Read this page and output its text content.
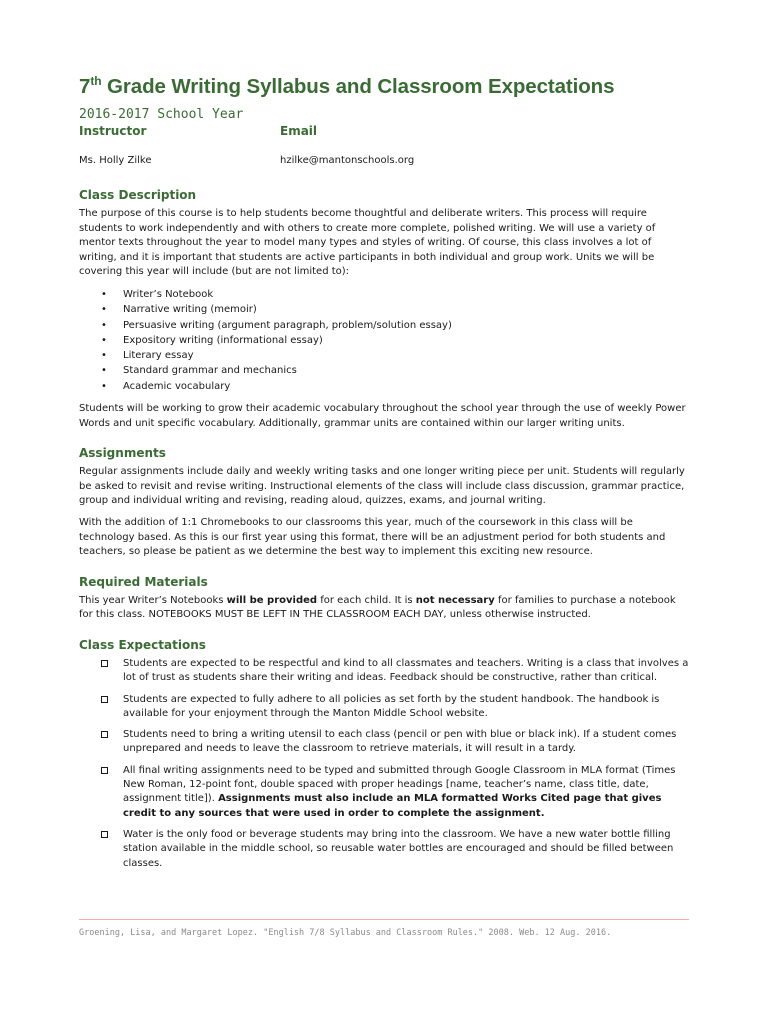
7th Grade Writing Syllabus and Classroom Expectations
2016-2017 School Year
Instructor	Email
Ms. Holly Zilke	hzilke@mantonschools.org
Class Description

The purpose of this course is to help students become thoughtful and deliberate writers. This process will require students to work independently and with others to create more complete, polished writing. We will use a variety of mentor texts throughout the year to model many types and styles of writing. Of course, this class involves a lot of writing, and it is important that students are active participants in both individual and group work. Units we will be covering this year will include (but are not limited to):

• Writer’s Notebook
• Narrative writing (memoir)
• Persuasive writing (argument paragraph, problem/solution essay)
• Expository writing (informational essay)
• Literary essay
• Standard grammar and mechanics
• Academic vocabulary

Students will be working to grow their academic vocabulary throughout the school year through the use of weekly Power Words and unit specific vocabulary. Additionally, grammar units are contained within our larger writing units.

Assignments

Regular assignments include daily and weekly writing tasks and one longer writing piece per unit. Students will regularly be asked to revisit and revise writing. Instructional elements of the class will include class discussion, grammar practice, group and individual writing and revising, reading aloud, quizzes, exams, and journal writing.

With the addition of 1:1 Chromebooks to our classrooms this year, much of the coursework in this class will be technology based. As this is our first year using this format, there will be an adjustment period for both students and teachers, so please be patient as we determine the best way to implement this exciting new resource.

Required Materials

This year Writer’s Notebooks will be provided for each child. It is not necessary for families to purchase a notebook for this class. NOTEBOOKS MUST BE LEFT IN THE CLASSROOM EACH DAY, unless otherwise instructed.

Class Expectations
Students are expected to be respectful and kind to all classmates and teachers. Writing is a class that involves a lot of trust as students share their writing and ideas. Feedback should be constructive, rather than critical.
Students are expected to fully adhere to all policies as set forth by the student handbook. The handbook is available for your enjoyment through the Manton Middle School website.
Students need to bring a writing utensil to each class (pencil or pen with blue or black ink). If a student comes unprepared and needs to leave the classroom to retrieve materials, it will result in a tardy.
All final writing assignments need to be typed and submitted through Google Classroom in MLA format (Times New Roman, 12-point font, double spaced with proper headings [name, teacher’s name, class title, date, assignment title]). Assignments must also include an MLA formatted Works Cited page that gives credit to any sources that were used in order to complete the assignment.
Water is the only food or beverage students may bring into the classroom. We have a new water bottle filling station available in the middle school, so reusable water bottles are encouraged and should be filled between classes.
Groening, Lisa, and Margaret Lopez. "English 7/8 Syllabus and Classroom Rules." 2008. Web. 12 Aug. 2016.
